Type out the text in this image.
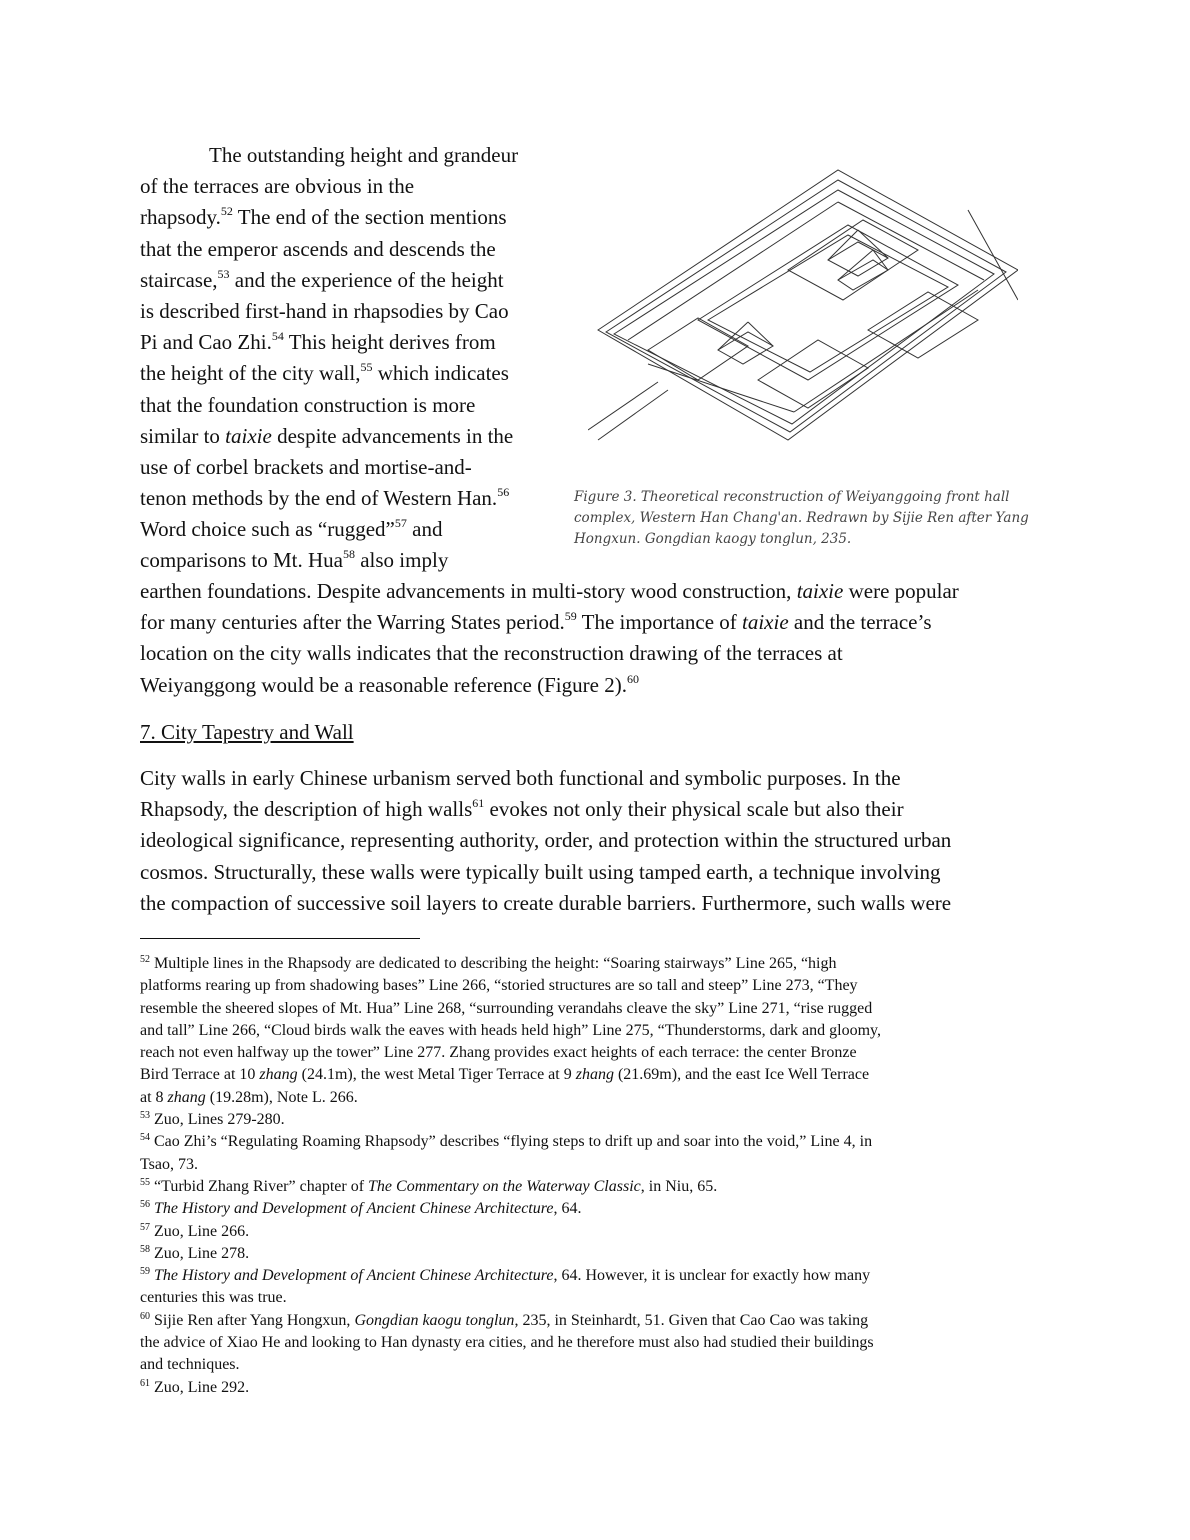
The outstanding height and grandeur
of the terraces are obvious in the
rhapsody.$^{52}$ The end of the section mentions
that the emperor ascends and descends the
staircase,$^{53}$ and the experience of the height
is described first-hand in rhapsodies by Cao
Pi and Cao Zhi.$^{54}$ This height derives from
the height of the city wall,$^{55}$ which indicates
that the foundation construction is more
similar to taixie despite advancements in the
use of corbel brackets and mortise-and-
tenon methods by the end of Western Han.$^{56}$
Word choice such as “rugged”$^{57}$ and
comparisons to Mt. Hua$^{58}$ also imply
Figure 3. Theoretical reconstruction of Weiyanggoing front hall
complex, Western Han Chang'an. Redrawn by Sijie Ren after Yang
Hongxun. Gongdian kaogy tonglun, 235.
earthen foundations. Despite advancements in multi-story wood construction, taixie were popular
for many centuries after the Warring States period.$^{59}$ The importance of taixie and the terrace’s
location on the city walls indicates that the reconstruction drawing of the terraces at
Weiyanggong would be a reasonable reference (Figure 2).$^{60}$
7. City Tapestry and Wall
City walls in early Chinese urbanism served both functional and symbolic purposes. In the
Rhapsody, the description of high walls$^{61}$ evokes not only their physical scale but also their
ideological significance, representing authority, order, and protection within the structured urban
cosmos. Structurally, these walls were typically built using tamped earth, a technique involving
the compaction of successive soil layers to create durable barriers. Furthermore, such walls were
$^{52}$ Multiple lines in the Rhapsody are dedicated to describing the height: “Soaring stairways” Line 265, “high
platforms rearing up from shadowing bases” Line 266, “storied structures are so tall and steep” Line 273, “They
resemble the sheered slopes of Mt. Hua” Line 268, “surrounding verandahs cleave the sky” Line 271, “rise rugged
and tall” Line 266, “Cloud birds walk the eaves with heads held high” Line 275, “Thunderstorms, dark and gloomy,
reach not even halfway up the tower” Line 277. Zhang provides exact heights of each terrace: the center Bronze
Bird Terrace at 10 zhang (24.1m), the west Metal Tiger Terrace at 9 zhang (21.69m), and the east Ice Well Terrace
at 8 zhang (19.28m), Note L. 266.
$^{53}$ Zuo, Lines 279-280.
$^{54}$ Cao Zhi’s “Regulating Roaming Rhapsody” describes “flying steps to drift up and soar into the void,” Line 4, in
Tsao, 73.
$^{55}$ “Turbid Zhang River” chapter of The Commentary on the Waterway Classic, in Niu, 65.
$^{56}$ The History and Development of Ancient Chinese Architecture, 64.
$^{57}$ Zuo, Line 266.
$^{58}$ Zuo, Line 278.
$^{59}$ The History and Development of Ancient Chinese Architecture, 64. However, it is unclear for exactly how many
centuries this was true.
$^{60}$ Sijie Ren after Yang Hongxun, Gongdian kaogu tonglun, 235, in Steinhardt, 51. Given that Cao Cao was taking
the advice of Xiao He and looking to Han dynasty era cities, and he therefore must also had studied their buildings
and techniques.
$^{61}$ Zuo, Line 292.
